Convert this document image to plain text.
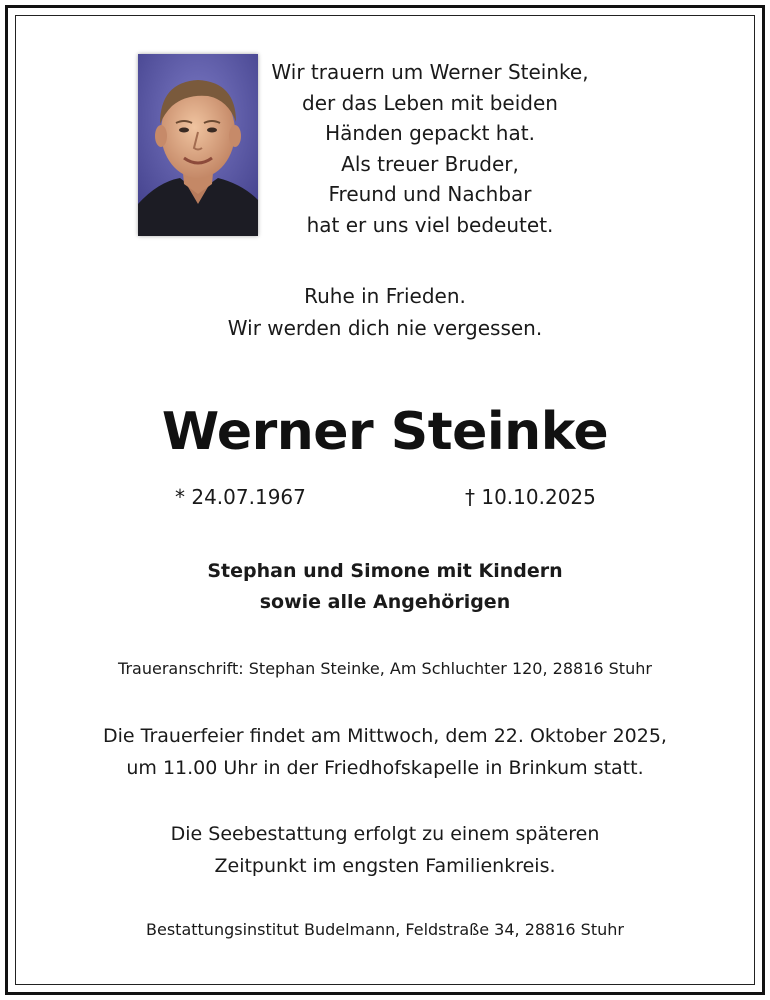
Wir trauern um Werner Steinke,
der das Leben mit beiden
Händen gepackt hat.
Als treuer Bruder,
Freund und Nachbar
hat er uns viel bedeutet.
Ruhe in Frieden.
Wir werden dich nie vergessen.
Werner Steinke
* 24.07.1967	† 10.10.2025
Stephan und Simone mit Kindern
sowie alle Angehörigen
Traueranschrift: Stephan Steinke, Am Schluchter 120, 28816 Stuhr
Die Trauerfeier findet am Mittwoch, dem 22. Oktober 2025,
um 11.00 Uhr in der Friedhofskapelle in Brinkum statt.
Die Seebestattung erfolgt zu einem späteren
Zeitpunkt im engsten Familienkreis.
Bestattungsinstitut Budelmann, Feldstraße 34, 28816 Stuhr
